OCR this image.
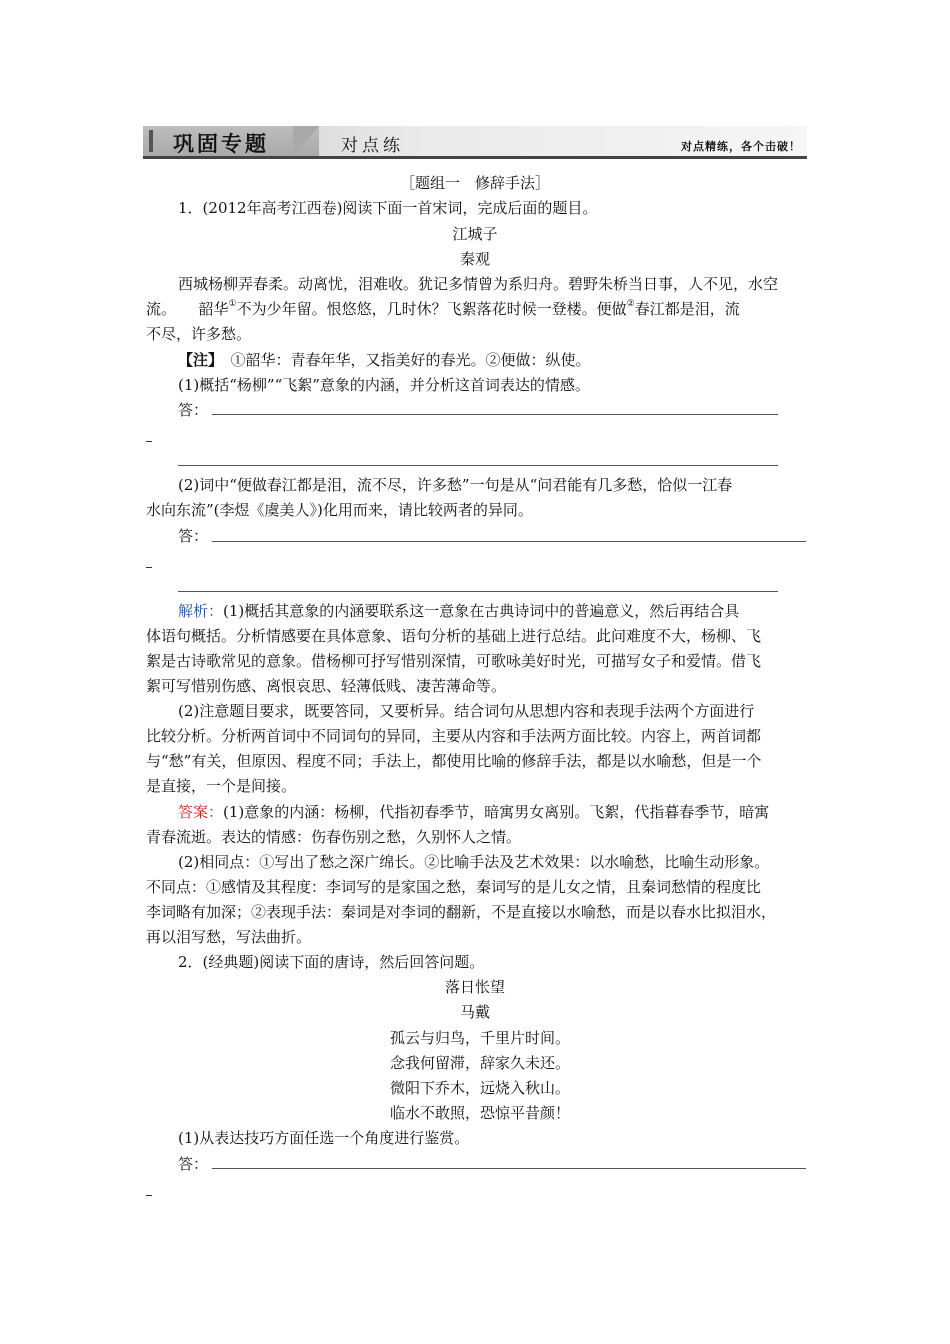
巩固专题	对点练	对点精练，各个击破！
［题组一　修辞手法］
1．(2012年高考江西卷)阅读下面一首宋词，完成后面的题目。
江城子
秦观
西城杨柳弄春柔。动离忧，泪难收。犹记多情曾为系归舟。碧野朱桥当日事，人不见，水空
流。　　韶华①不为少年留。恨悠悠，几时休？飞絮落花时候一登楼。便做②春江都是泪，流
不尽，许多愁。
【注】　①韶华：青春年华，又指美好的春光。②便做：纵使。
(1)概括“杨柳”“飞絮”意象的内涵，并分析这首词表达的情感。
答：
(2)词中“便做春江都是泪，流不尽，许多愁”一句是从“问君能有几多愁，恰似一江春
水向东流”(李煜《虞美人》)化用而来，请比较两者的异同。
答：
解析：(1)概括其意象的内涵要联系这一意象在古典诗词中的普遍意义，然后再结合具
体语句概括。分析情感要在具体意象、语句分析的基础上进行总结。此问难度不大，杨柳、飞
絮是古诗歌常见的意象。借杨柳可抒写惜别深情，可歌咏美好时光，可描写女子和爱情。借飞
絮可写惜别伤感、离恨哀思、轻薄低贱、凄苦薄命等。
(2)注意题目要求，既要答同，又要析异。结合词句从思想内容和表现手法两个方面进行
比较分析。分析两首词中不同词句的异同，主要从内容和手法两方面比较。内容上，两首词都
与“愁”有关，但原因、程度不同；手法上，都使用比喻的修辞手法，都是以水喻愁，但是一个
是直接，一个是间接。
答案：(1)意象的内涵：杨柳，代指初春季节，暗寓男女离别。飞絮，代指暮春季节，暗寓
青春流逝。表达的情感：伤春伤别之愁，久别怀人之情。
(2)相同点：①写出了愁之深广绵长。②比喻手法及艺术效果：以水喻愁，比喻生动形象。
不同点：①感情及其程度：李词写的是家国之愁，秦词写的是儿女之情，且秦词愁情的程度比
李词略有加深；②表现手法：秦词是对李词的翻新，不是直接以水喻愁，而是以春水比拟泪水，
再以泪写愁，写法曲折。
2．(经典题)阅读下面的唐诗，然后回答问题。
落日怅望
马戴
孤云与归鸟，千里片时间。
念我何留滞，辞家久未还。
微阳下乔木，远烧入秋山。
临水不敢照，恐惊平昔颜！
(1)从表达技巧方面任选一个角度进行鉴赏。
答：
